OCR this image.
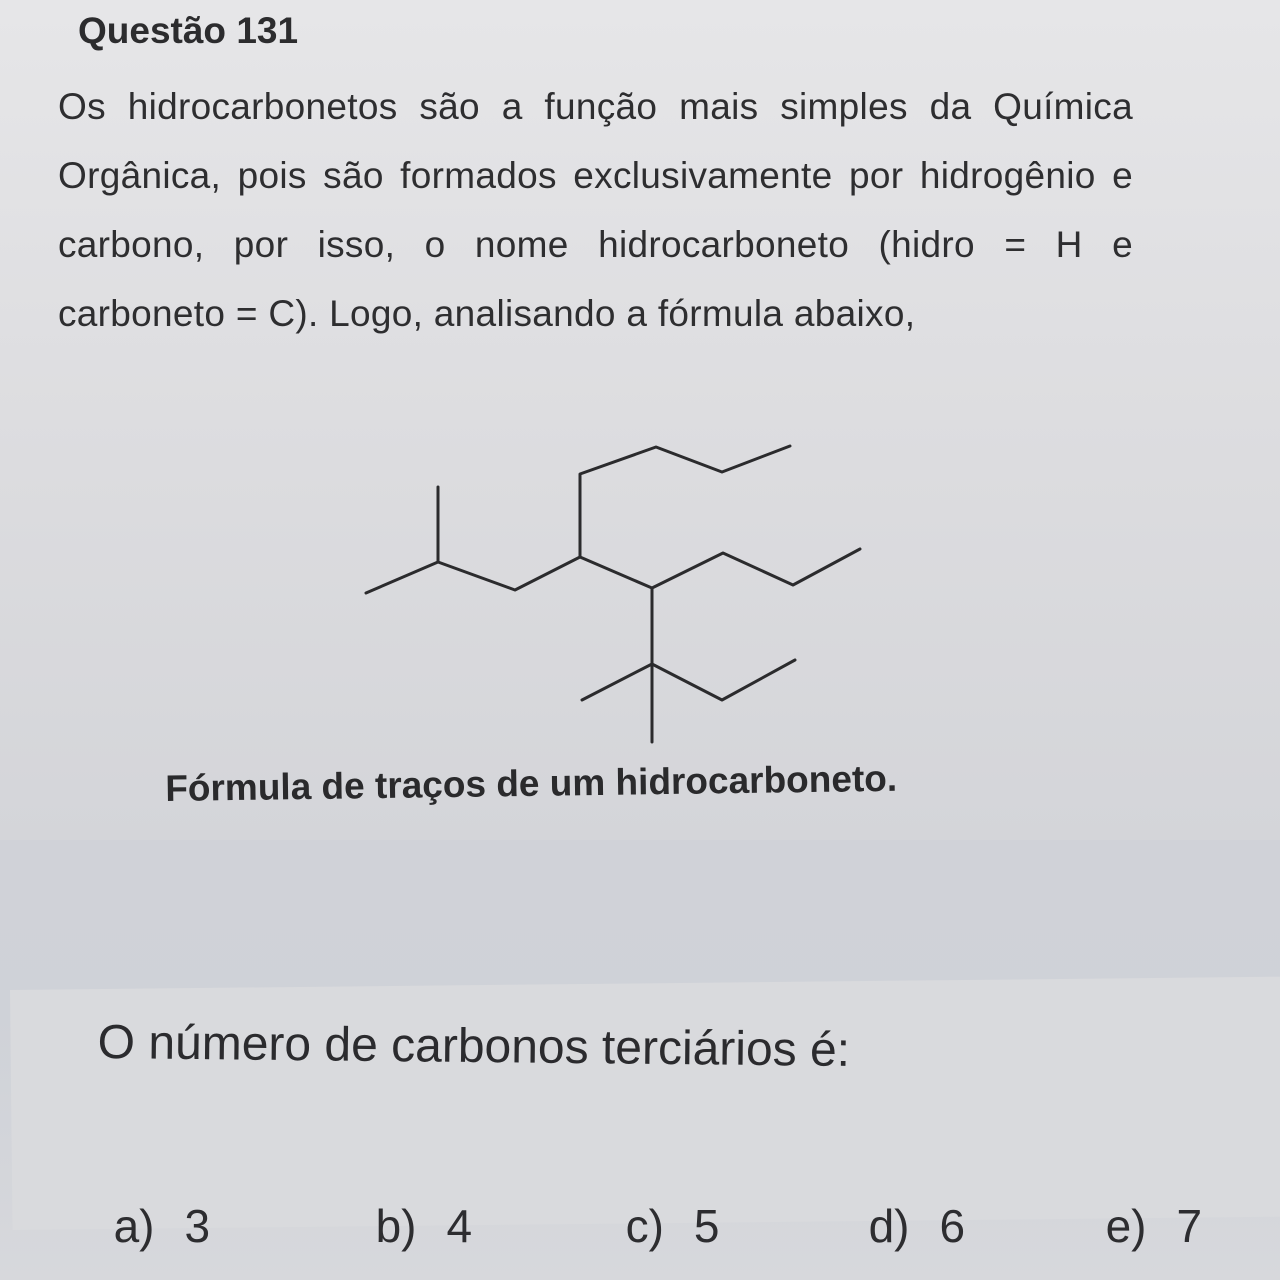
Questão 131

Os hidrocarbonetos são a função mais simples da Química Orgânica, pois são formados exclusivamente por hidrogênio e carbono, por isso, o nome hidrocarboneto (hidro = H e carboneto = C). Logo, analisando a fórmula abaixo,

Fórmula de traços de um hidrocarboneto.

O número de carbonos terciários é:

a) 3	b) 4	c) 5	d) 6	e) 7
